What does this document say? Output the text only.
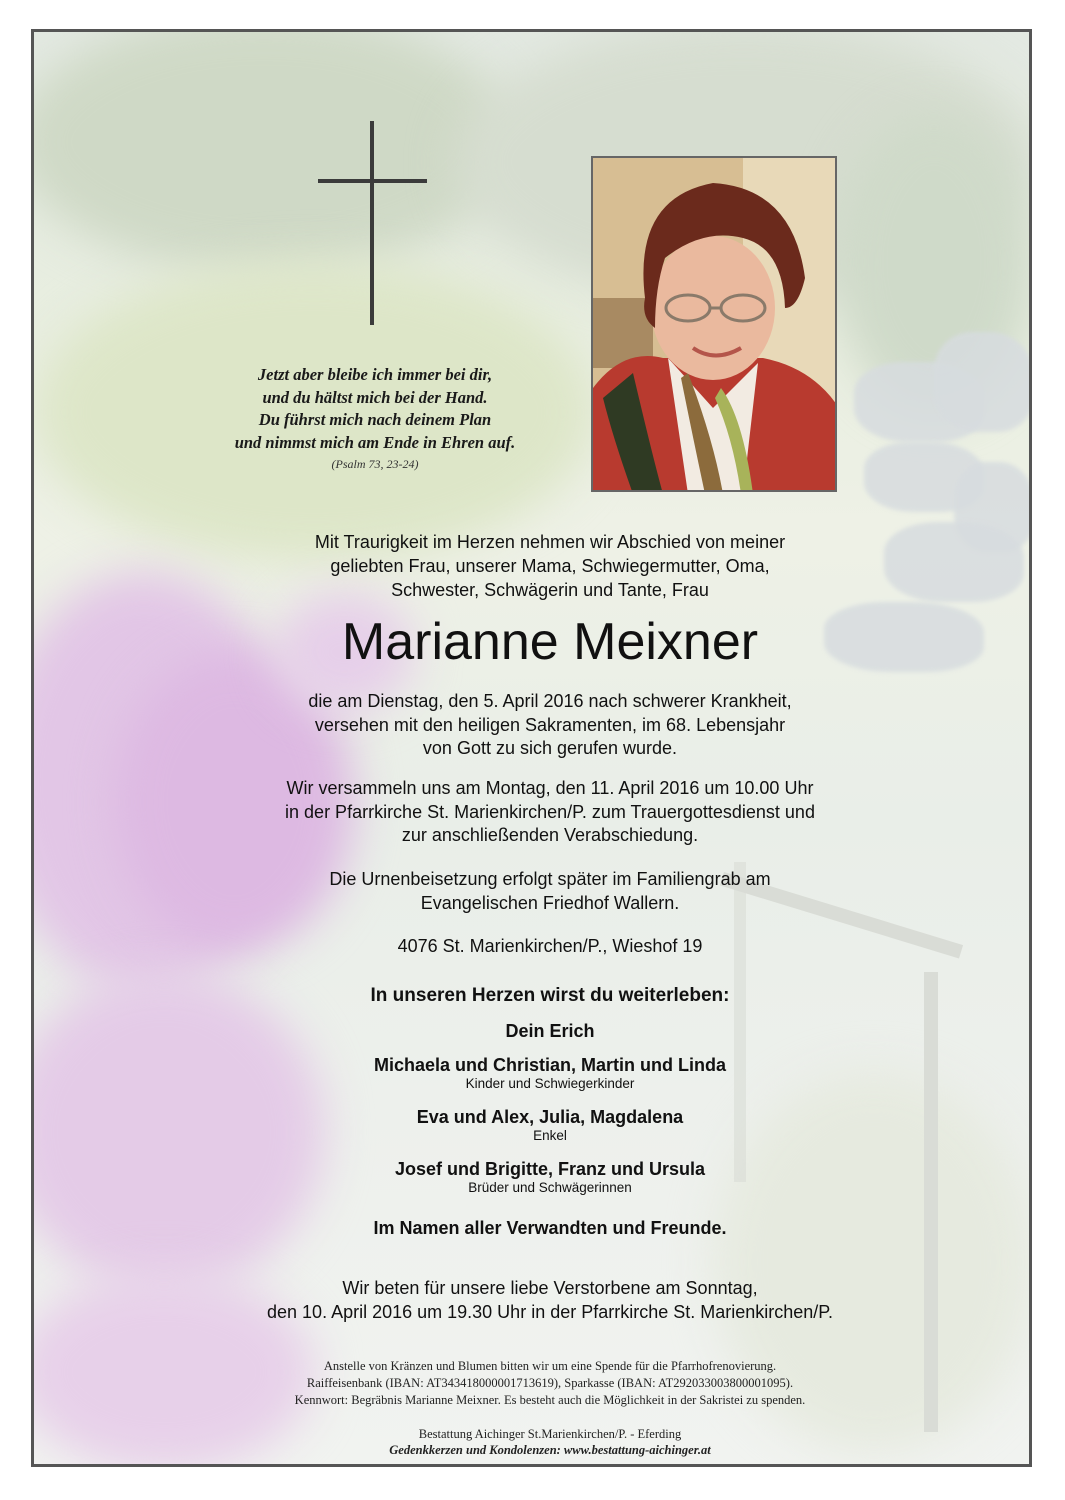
Jetzt aber bleibe ich immer bei dir,
und du hältst mich bei der Hand.
Du führst mich nach deinem Plan
und nimmst mich am Ende in Ehren auf.
(Psalm 73, 23-24)
Mit Traurigkeit im Herzen nehmen wir Abschied von meiner
geliebten Frau, unserer Mama, Schwiegermutter, Oma,
Schwester, Schwägerin und Tante, Frau
Marianne Meixner
die am Dienstag, den 5. April 2016 nach schwerer Krankheit,
versehen mit den heiligen Sakramenten, im 68. Lebensjahr
von Gott zu sich gerufen wurde.
Wir versammeln uns am Montag, den 11. April 2016 um 10.00 Uhr
in der Pfarrkirche St. Marienkirchen/P. zum Trauergottesdienst und
zur anschließenden Verabschiedung.
Die Urnenbeisetzung erfolgt später im Familiengrab am
Evangelischen Friedhof Wallern.
4076 St. Marienkirchen/P., Wieshof 19
In unseren Herzen wirst du weiterleben:
Dein Erich
Michaela und Christian, Martin und Linda
Kinder und Schwiegerkinder
Eva und Alex, Julia, Magdalena
Enkel
Josef und Brigitte, Franz und Ursula
Brüder und Schwägerinnen
Im Namen aller Verwandten und Freunde.
Wir beten für unsere liebe Verstorbene am Sonntag,
den 10. April 2016 um 19.30 Uhr in der Pfarrkirche St. Marienkirchen/P.
Anstelle von Kränzen und Blumen bitten wir um eine Spende für die Pfarrhofrenovierung.
Raiffeisenbank (IBAN: AT343418000001713619), Sparkasse (IBAN: AT292033003800001095).
Kennwort: Begräbnis Marianne Meixner. Es besteht auch die Möglichkeit in der Sakristei zu spenden.
Bestattung Aichinger St.Marienkirchen/P. - Eferding
Gedenkkerzen und Kondolenzen: www.bestattung-aichinger.at
